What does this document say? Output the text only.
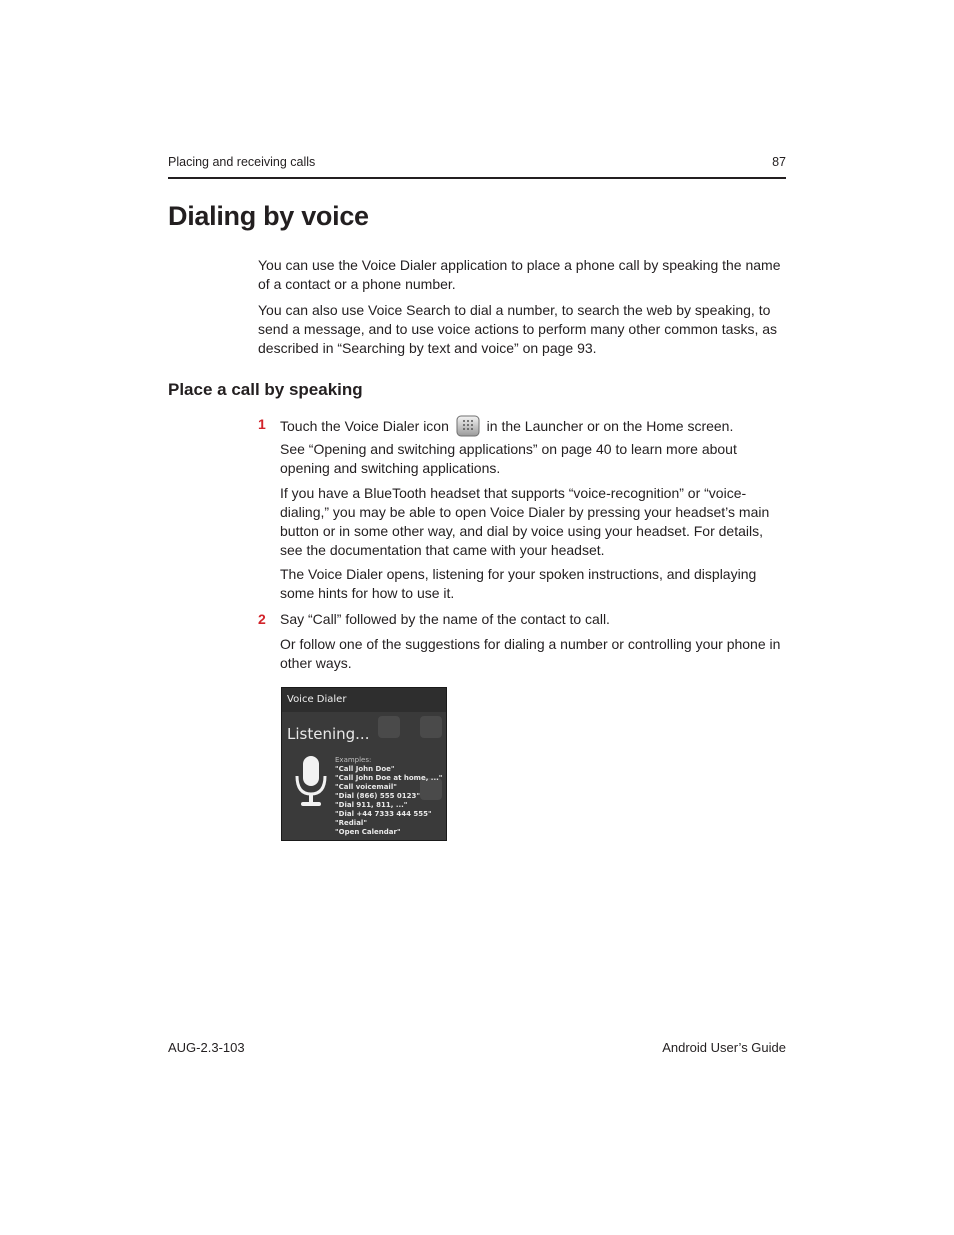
Placing and receiving calls	87
Dialing by voice

You can use the Voice Dialer application to place a phone call by speaking the name of a contact or a phone number.

You can also use Voice Search to dial a number, to search the web by speaking, to send a message, and to use voice actions to perform many other common tasks, as described in “Searching by text and voice” on page 93.

Place a call by speaking
1 Touch the Voice Dialer icon	in the Launcher or on the Home screen.

See “Opening and switching applications” on page 40 to learn more about opening and switching applications.

If you have a BlueTooth headset that supports “voice-recognition” or “voice-dialing,” you may be able to open Voice Dialer by pressing your headset’s main button or in some other way, and dial by voice using your headset. For details, see the documentation that came with your headset.

The Voice Dialer opens, listening for your spoken instructions, and displaying some hints for how to use it.

2 Say “Call” followed by the name of the contact to call.

Or follow one of the suggestions for dialing a number or controlling your phone in other ways.

Voice Dialer
Listening...
Examples:
"Call John Doe"
"Call John Doe at home, ..."
"Call voicemail"
"Dial (866) 555 0123"
"Dial 911, 811, ..."
"Dial +44 7333 444 555"
"Redial"
"Open Calendar"
AUG-2.3-103	Android User’s Guide
